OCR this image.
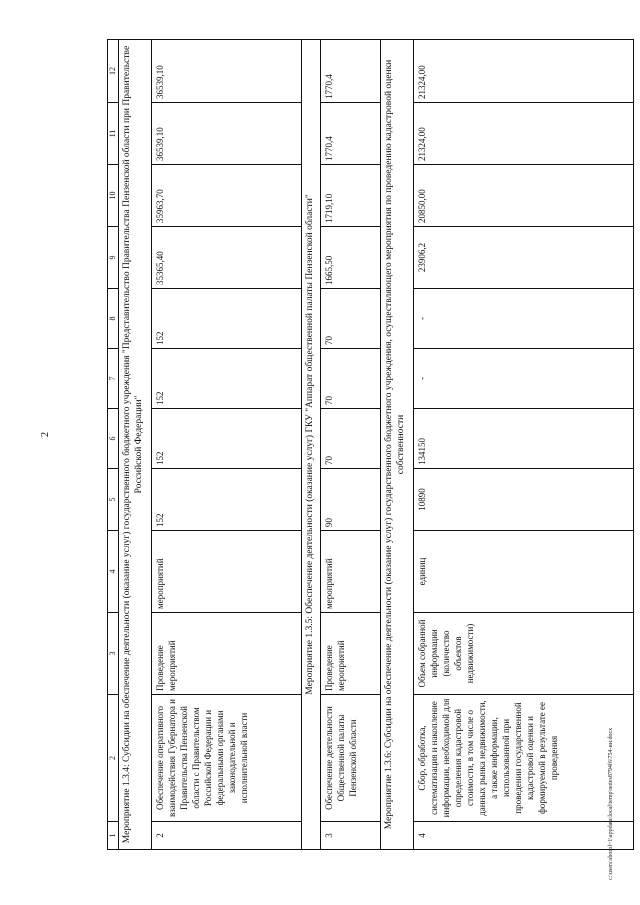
2
1	2	3	4	5	6	7	8	9	10	11	12
Мероприятие 1.3.4: Субсидии на обеспечение деятельности (оказание услуг) государственного бюджетного учреждения "Представительство Правительства Пензенской области при Правительстве Российской Федерации"											
2	Обеспечение оперативного взаимодействия Губернатора и Правительства Пензенской области с Правительством Российской Федерации и федеральными органами законодательной и исполнительной власти	Проведение мероприятий	мероприятий	152	152	152	152	35365,40	35963,70	36539,10	36539,10
Мероприятие 1.3.5: Обеспечение деятельности (оказание услуг) ГКУ "Аппарат общественной палаты Пензенской области"											
3	Обеспечение деятельности Общественной палаты Пензенской области	Проведение мероприятий	мероприятий	90	70	70	70	1665,50	1719,10	1770,4	1770,4
Мероприятие 1.3.6: Субсидии на обеспечение деятельности (оказание услуг) государственного бюджетного учреждения, осуществляющего мероприятия по проведению кадастровой оценки собственности											
4	Сбор, обработка, систематизация и накопление информации, необходимой для определения кадастровой стоимости, в том числе о данных рынка недвижимости, а также информации, использованной при проведении государственной кадастровой оценки и формируемой в результате ее проведения	Объем собранной информации (количество объектов недвижимости)	единиц	10890	134150	-	-	23906,2	20850,00	21324,00	21324,00
c:\users\sborol~1\appdata\local\temp\notes8794f6\754-ии.docx
